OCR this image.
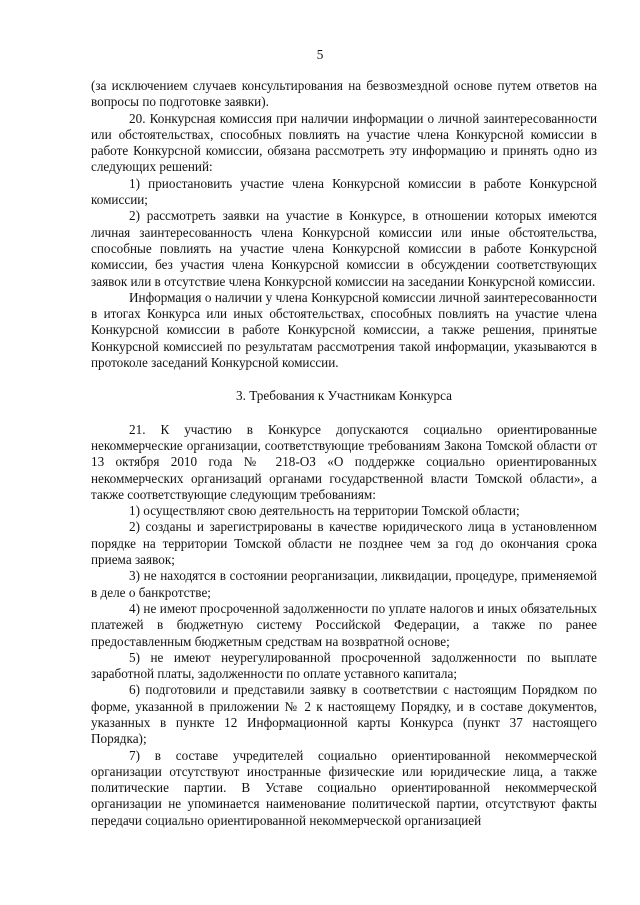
5

(за исключением случаев консультирования на безвозмездной основе путем ответов на вопросы по подготовке заявки).

20. Конкурсная комиссия при наличии информации о личной заинтересованности или обстоятельствах, способных повлиять на участие члена Конкурсной комиссии в работе Конкурсной комиссии, обязана рассмотреть эту информацию и принять одно из следующих решений:

1) приостановить участие члена Конкурсной комиссии в работе Конкурсной комиссии;

2) рассмотреть заявки на участие в Конкурсе, в отношении которых имеются личная заинтересованность члена Конкурсной комиссии или иные обстоятельства, способные повлиять на участие члена Конкурсной комиссии в работе Конкурсной комиссии, без участия члена Конкурсной комиссии в обсуждении соответствующих заявок или в отсутствие члена Конкурсной комиссии на заседании Конкурсной комиссии.

Информация о наличии у члена Конкурсной комиссии личной заинтересованности в итогах Конкурса или иных обстоятельствах, способных повлиять на участие члена Конкурсной комиссии в работе Конкурсной комиссии, а также решения, принятые Конкурсной комиссией по результатам рассмотрения такой информации, указываются в протоколе заседаний Конкурсной комиссии.

3. Требования к Участникам Конкурса

21. К участию в Конкурсе допускаются социально ориентированные некоммерческие организации, соответствующие требованиям Закона Томской области от 13 октября 2010 года № 218-ОЗ «О поддержке социально ориентированных некоммерческих организаций органами государственной власти Томской области», а также соответствующие следующим требованиям:

1) осуществляют свою деятельность на территории Томской области;

2) созданы и зарегистрированы в качестве юридического лица в установленном порядке на территории Томской области не позднее чем за год до окончания срока приема заявок;

3) не находятся в состоянии реорганизации, ликвидации, процедуре, применяемой в деле о банкротстве;

4) не имеют просроченной задолженности по уплате налогов и иных обязательных платежей в бюджетную систему Российской Федерации, а также по ранее предоставленным бюджетным средствам на возвратной основе;

5) не имеют неурегулированной просроченной задолженности по выплате заработной платы, задолженности по оплате уставного капитала;

6) подготовили и представили заявку в соответствии с настоящим Порядком по форме, указанной в приложении № 2 к настоящему Порядку, и в составе документов, указанных в пункте 12 Информационной карты Конкурса (пункт 37 настоящего Порядка);

7) в составе учредителей социально ориентированной некоммерческой организации отсутствуют иностранные физические или юридические лица, а также политические партии. В Уставе социально ориентированной некоммерческой организации не упоминается наименование политической партии, отсутствуют факты передачи социально ориентированной некоммерческой организацией
